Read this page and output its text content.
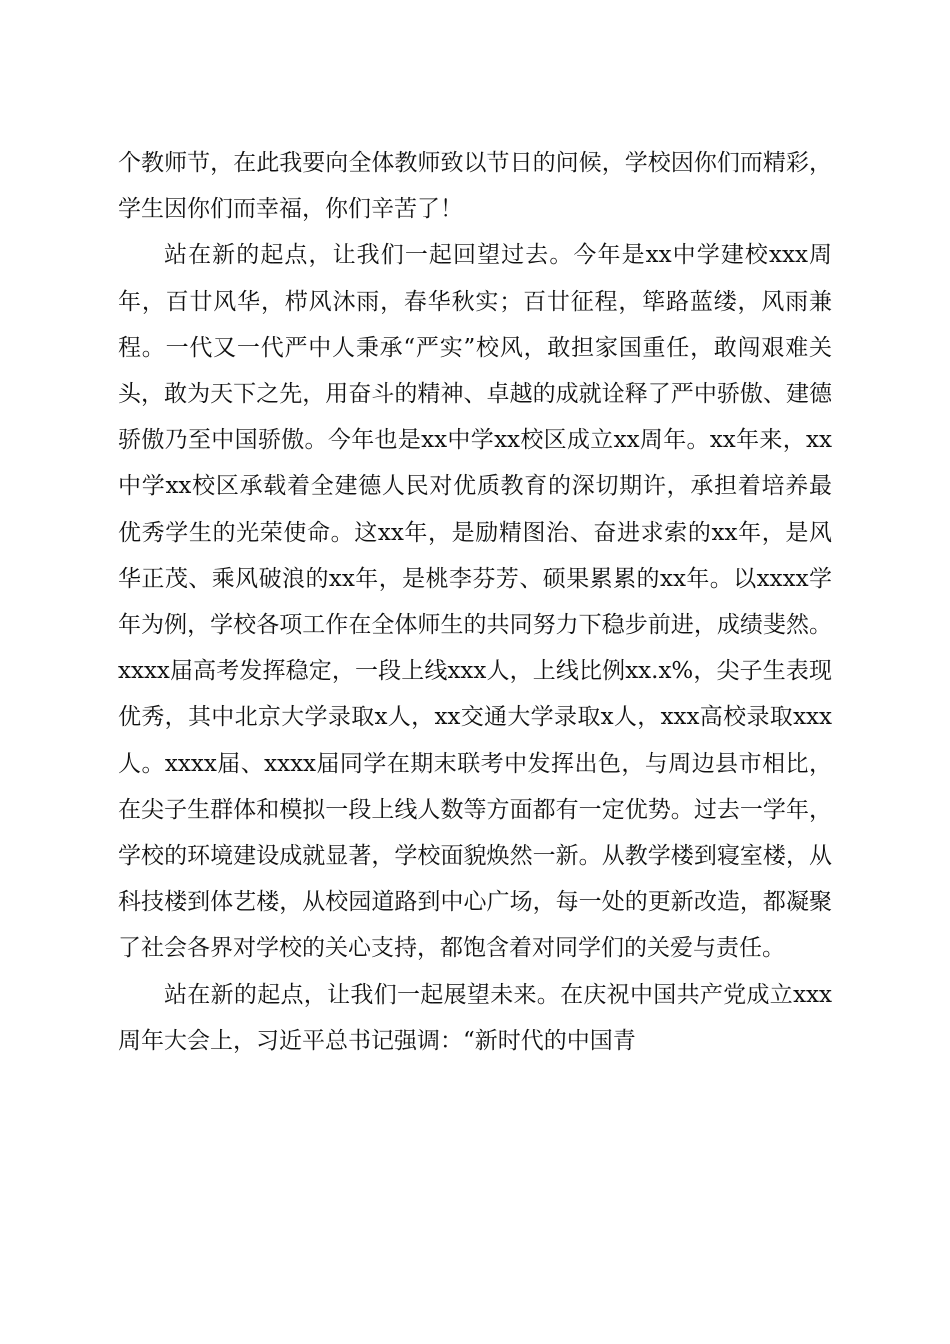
个教师节，在此我要向全体教师致以节日的问候，学校因你们而精彩，学生因你们而幸福，你们辛苦了！

站在新的起点，让我们一起回望过去。今年是xx中学建校xxx周年，百廿风华，栉风沐雨，春华秋实；百廿征程，筚路蓝缕，风雨兼程。一代又一代严中人秉承“严实”校风，敢担家国重任，敢闯艰难关头，敢为天下之先，用奋斗的精神、卓越的成就诠释了严中骄傲、建德骄傲乃至中国骄傲。今年也是xx中学xx校区成立xx周年。xx年来，xx中学xx校区承载着全建德人民对优质教育的深切期许，承担着培养最优秀学生的光荣使命。这xx年，是励精图治、奋进求索的xx年，是风华正茂、乘风破浪的xx年，是桃李芬芳、硕果累累的xx年。以xxxx学年为例，学校各项工作在全体师生的共同努力下稳步前进，成绩斐然。xxxx届高考发挥稳定，一段上线xxx人，上线比例xx.x%，尖子生表现优秀，其中北京大学录取x人，xx交通大学录取x人，xxx高校录取xxx人。xxxx届、xxxx届同学在期末联考中发挥出色，与周边县市相比，在尖子生群体和模拟一段上线人数等方面都有一定优势。过去一学年，学校的环境建设成就显著，学校面貌焕然一新。从教学楼到寝室楼，从科技楼到体艺楼，从校园道路到中心广场，每一处的更新改造，都凝聚了社会各界对学校的关心支持，都饱含着对同学们的关爱与责任。

站在新的起点，让我们一起展望未来。在庆祝中国共产党成立xxx周年大会上，习近平总书记强调：“新时代的中国青
